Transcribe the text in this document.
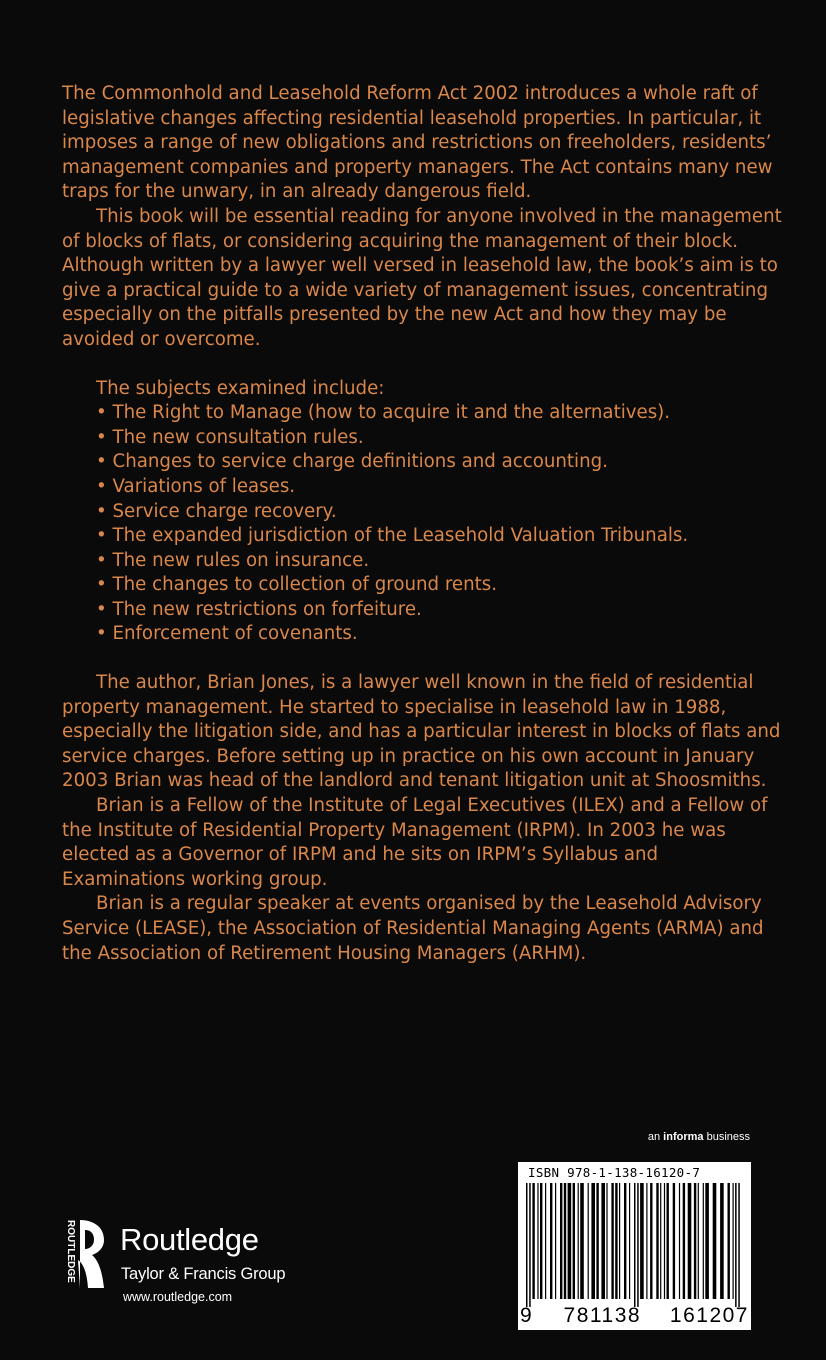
The Commonhold and Leasehold Reform Act 2002 introduces a whole raft of legislative changes affecting residential leasehold properties. In particular, it imposes a range of new obligations and restrictions on freeholders, residents’ management companies and property managers. The Act contains many new traps for the unwary, in an already dangerous field.

This book will be essential reading for anyone involved in the management of blocks of flats, or considering acquiring the management of their block. Although written by a lawyer well versed in leasehold law, the book’s aim is to give a practical guide to a wide variety of management issues, concentrating especially on the pitfalls presented by the new Act and how they may be avoided or overcome.

The subjects examined include:

• The Right to Manage (how to acquire it and the alternatives).
• The new consultation rules.
• Changes to service charge definitions and accounting.
• Variations of leases.
• Service charge recovery.
• The expanded jurisdiction of the Leasehold Valuation Tribunals.
• The new rules on insurance.
• The changes to collection of ground rents.
• The new restrictions on forfeiture.
• Enforcement of covenants.

The author, Brian Jones, is a lawyer well known in the field of residential property management. He started to specialise in leasehold law in 1988, especially the litigation side, and has a particular interest in blocks of flats and service charges. Before setting up in practice on his own account in January 2003 Brian was head of the landlord and tenant litigation unit at Shoosmiths.

Brian is a Fellow of the Institute of Legal Executives (ILEX) and a Fellow of the Institute of Residential Property Management (IRPM). In 2003 he was elected as a Governor of IRPM and he sits on IRPM’s Syllabus and Examinations working group.

Brian is a regular speaker at events organised by the Leasehold Advisory Service (LEASE), the Association of Residential Managing Agents (ARMA) and the Association of Retirement Housing Managers (ARHM).

an informa business
ISBN 978-1-138-16120-7
9 781138 161207
ROUTLEDGE Routledge
Taylor & Francis Group
www.routledge.com
